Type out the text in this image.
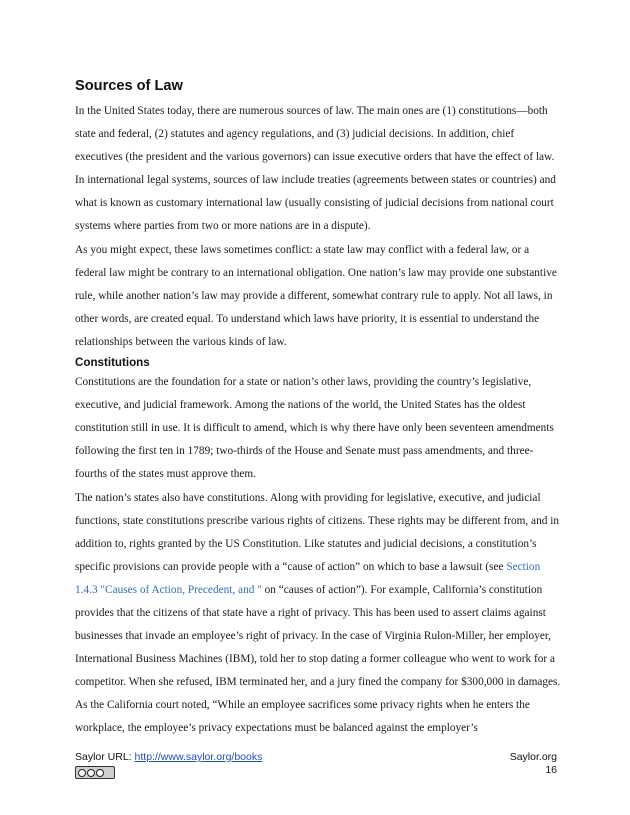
Sources of Law

In the United States today, there are numerous sources of law. The main ones are (1) constitutions—both state and federal, (2) statutes and agency regulations, and (3) judicial decisions. In addition, chief executives (the president and the various governors) can issue executive orders that have the effect of law. In international legal systems, sources of law include treaties (agreements between states or countries) and what is known as customary international law (usually consisting of judicial decisions from national court systems where parties from two or more nations are in a dispute).

As you might expect, these laws sometimes conflict: a state law may conflict with a federal law, or a federal law might be contrary to an international obligation. One nation’s law may provide one substantive rule, while another nation’s law may provide a different, somewhat contrary rule to apply. Not all laws, in other words, are created equal. To understand which laws have priority, it is essential to understand the relationships between the various kinds of law.

Constitutions

Constitutions are the foundation for a state or nation’s other laws, providing the country’s legislative, executive, and judicial framework. Among the nations of the world, the United States has the oldest constitution still in use. It is difficult to amend, which is why there have only been seventeen amendments following the first ten in 1789; two-thirds of the House and Senate must pass amendments, and three-fourths of the states must approve them.

The nation’s states also have constitutions. Along with providing for legislative, executive, and judicial functions, state constitutions prescribe various rights of citizens. These rights may be different from, and in addition to, rights granted by the US Constitution. Like statutes and judicial decisions, a constitution’s specific provisions can provide people with a “cause of action” on which to base a lawsuit (see Section 1.4.3 "Causes of Action, Precedent, and " on “causes of action”). For example, California’s constitution provides that the citizens of that state have a right of privacy. This has been used to assert claims against businesses that invade an employee’s right of privacy. In the case of Virginia Rulon-Miller, her employer, International Business Machines (IBM), told her to stop dating a former colleague who went to work for a competitor. When she refused, IBM terminated her, and a jury fined the company for $300,000 in damages. As the California court noted, “While an employee sacrifices some privacy rights when he enters the workplace, the employee’s privacy expectations must be balanced against the employer’s

Saylor URL: http://www.saylor.org/books	Saylor.org
16
